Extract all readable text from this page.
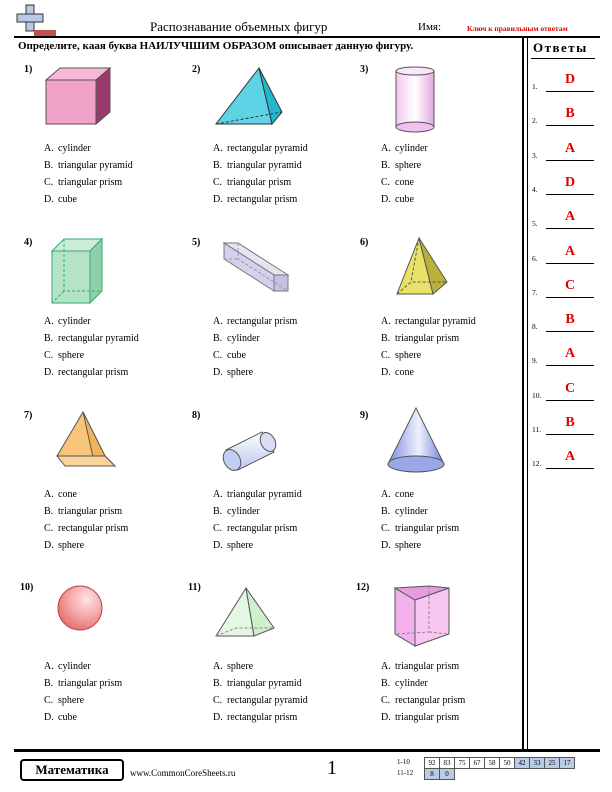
Распознавание объемных фигур	Имя:	Ключ к правильным ответам
Определите, кaая буква НАИЛУЧШИМ ОБРАЗОМ описывает данную фигуру.	Ответы
1)
A. cylinder
B. triangular pyramid
C. triangular prism
D. cube
2)
A. rectangular pyramid
B. triangular pyramid
C. triangular prism
D. rectangular prism
3)
A. cylinder
B. sphere
C. cone
D. cube
4)
A. cylinder
B. rectangular pyramid
C. sphere
D. rectangular prism
5)
A. rectangular prism
B. cylinder
C. cube
D. sphere
6)
A. rectangular pyramid
B. triangular prism
C. sphere
D. cone
7)
A. cone
B. triangular prism
C. rectangular prism
D. sphere
8)
A. triangular pyramid
B. cylinder
C. rectangular prism
D. sphere
9)
A. cone
B. cylinder
C. triangular prism
D. sphere
10)
A. cylinder
B. triangular prism
C. sphere
D. cube
11)
A. sphere
B. triangular pyramid
C. rectangular pyramid
D. rectangular prism
12)
A. triangular prism
B. cylinder
C. rectangular prism
D. triangular prism
1.	D
2.	B
3.	A
4.	D
5.	A
6.	A
7.	C
8.	B
9.	A
10.	C
11.	B
12.	A
Математика	www.CommonCoreSheets.ru	1	1-10	92	83	75	67	58	50	42	33	25	17
11-12 8	0
